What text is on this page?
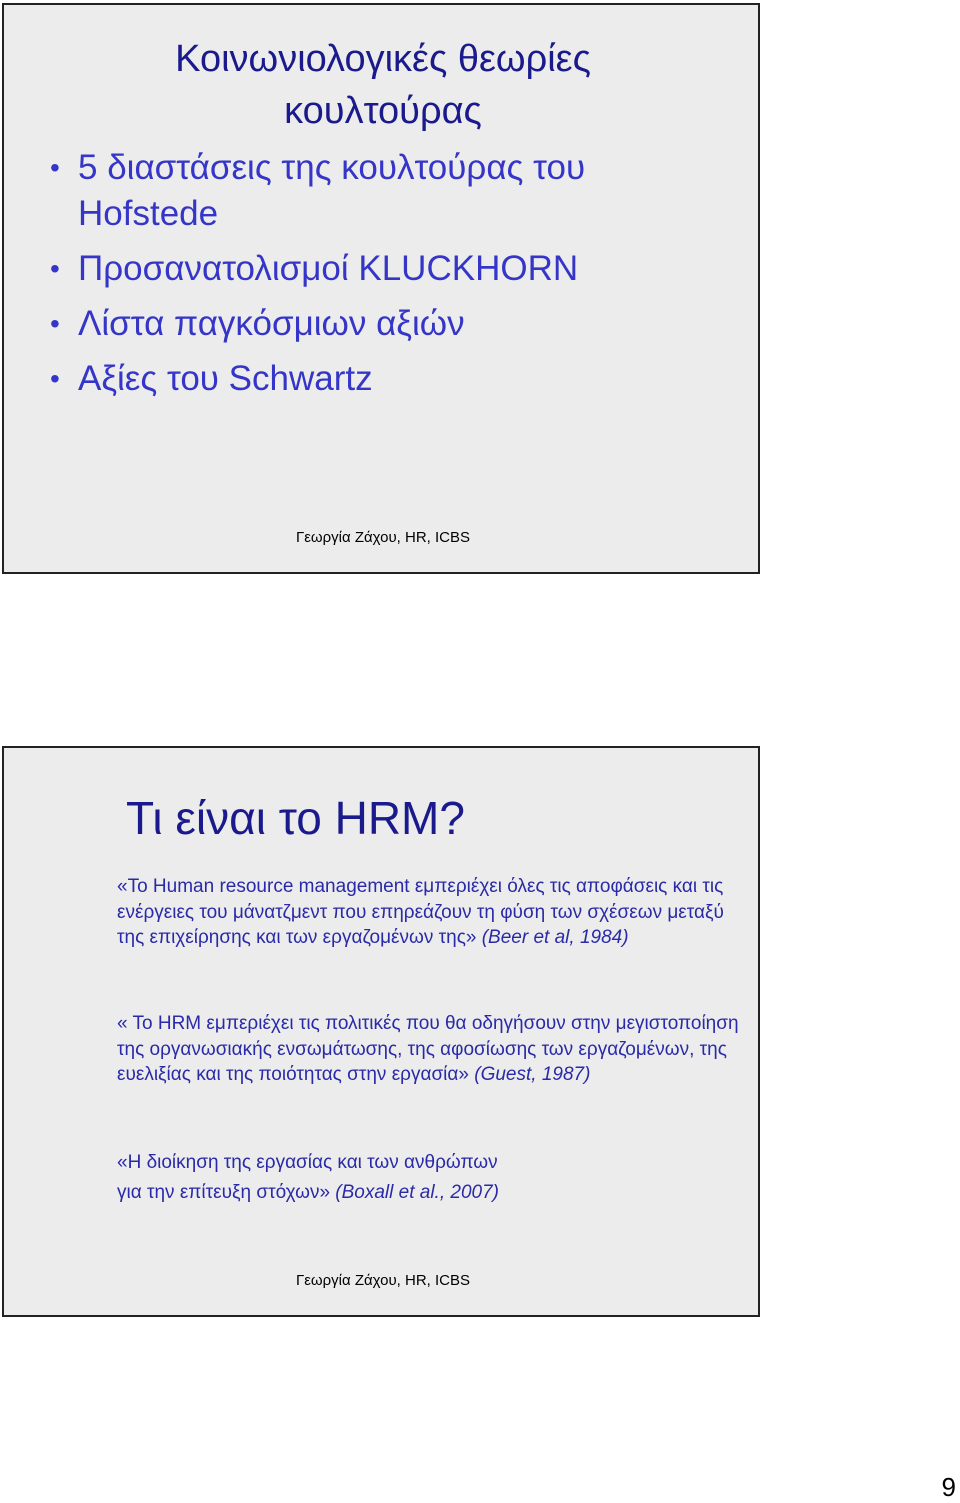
Κοινωνιολογικές θεωρίες
κουλτούρας
• 5 διαστάσεις της κουλτούρας του Hofstede
• Προσανατολισμοί KLUCKHORN
• Λίστα παγκόσμιων αξιών
• Αξίες του Schwartz
Γεωργία Ζάχου, HR, ICBS
Τι είναι το HRM?
«Το Human resource management εμπεριέχει όλες τις αποφάσεις και τις ενέργειες του μάνατζμεντ που επηρεάζουν τη φύση των σχέσεων μεταξύ της επιχείρησης και των εργαζομένων της» (Beer et al, 1984)
« Το HRM εμπεριέχει τις πολιτικές που θα οδηγήσουν στην μεγιστοποίηση της οργανωσιακής ενσωμάτωσης, της αφοσίωσης των εργαζομένων, της ευελιξίας και της ποιότητας στην εργασία» (Guest, 1987)
«Η διοίκηση της εργασίας και των ανθρώπων
για την επίτευξη στόχων» (Boxall et al., 2007)
Γεωργία Ζάχου, HR, ICBS
9
